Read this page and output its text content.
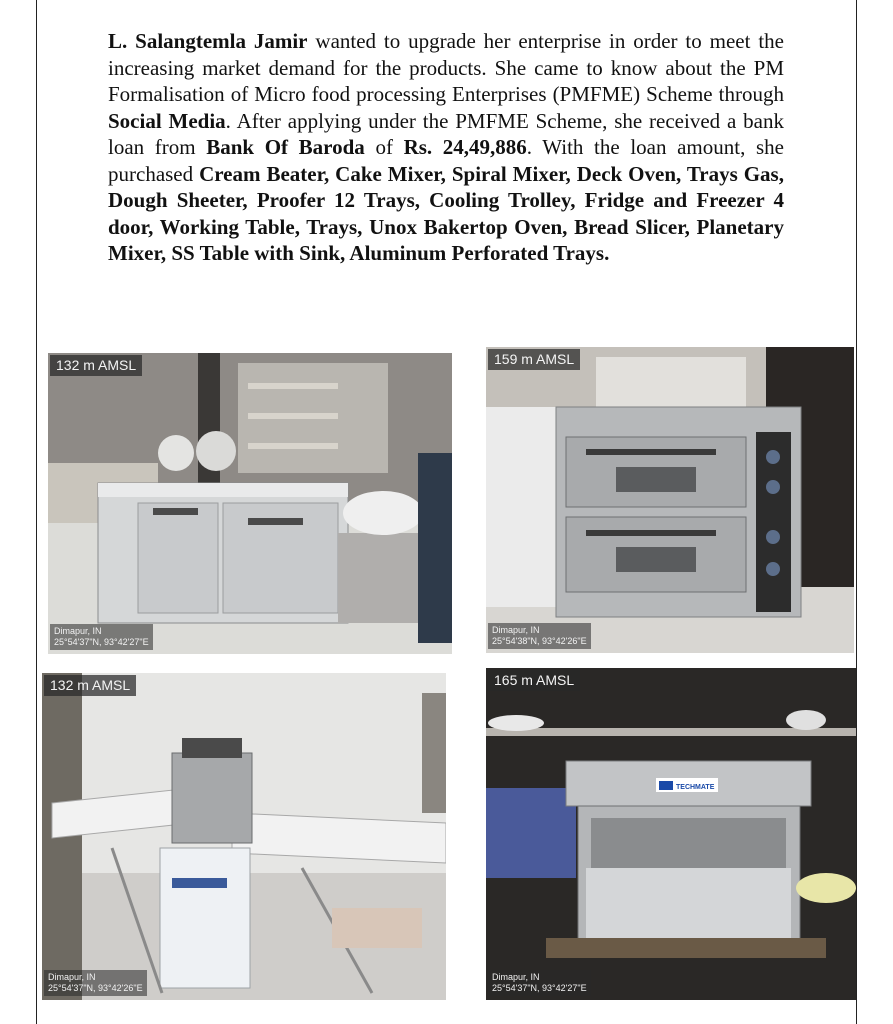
L. Salangtemla Jamir wanted to upgrade her enterprise in order to meet the increasing market demand for the products. She came to know about the PM Formalisation of Micro food processing Enterprises (PMFME) Scheme through Social Media. After applying under the PMFME Scheme, she received a bank loan from Bank Of Baroda of Rs. 24,49,886. With the loan amount, she purchased Cream Beater, Cake Mixer, Spiral Mixer, Deck Oven, Trays Gas, Dough Sheeter, Proofer 12 Trays, Cooling Trolley, Fridge and Freezer 4 door, Working Table, Trays, Unox Bakertop Oven, Bread Slicer, Planetary Mixer, SS Table with Sink, Aluminum Perforated Trays.

132 m AMSL
Dimapur, IN
25°54'37"N, 93°42'27"E
159 m AMSL
Dimapur, IN
25°54'38"N, 93°42'26"E
132 m AMSL
Dimapur, IN
25°54'37"N, 93°42'26"E
TECHMATE
165 m AMSL
Dimapur, IN
25°54'37"N, 93°42'27"E
